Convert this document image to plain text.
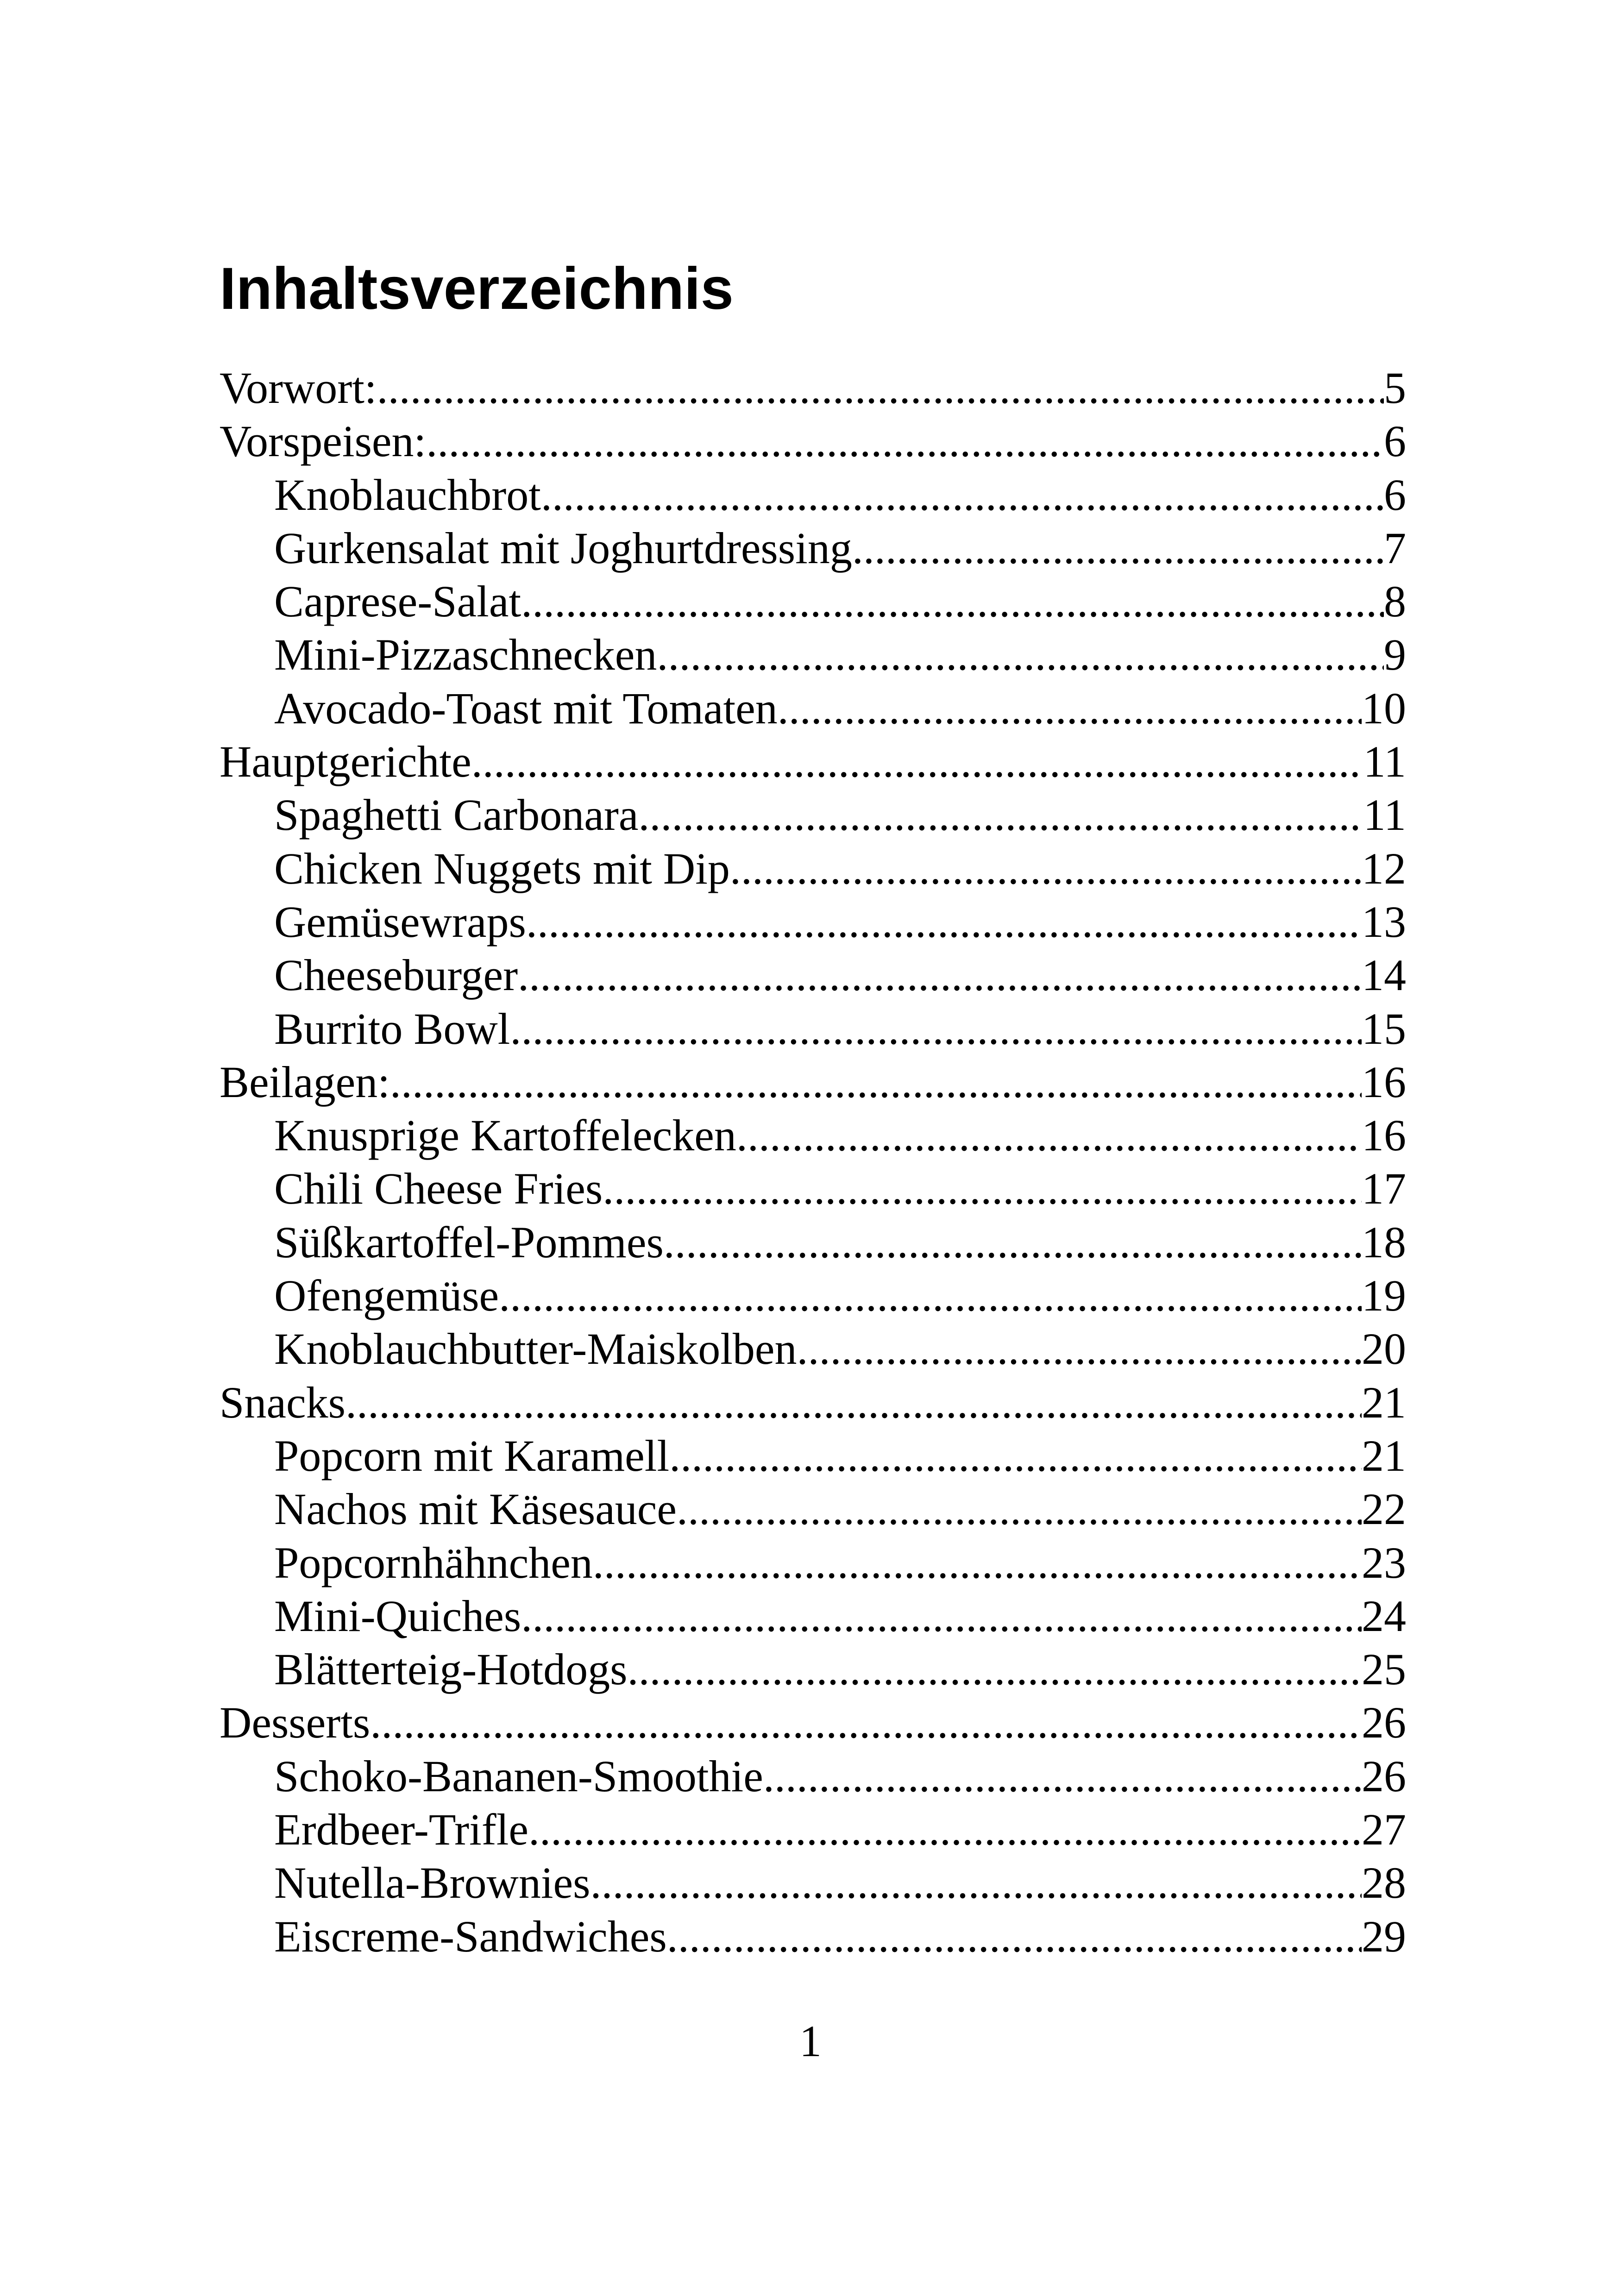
Inhaltsverzeichnis
Vorwort: .....	5
Vorspeisen: .....	6
Knoblauchbrot .....	6
Gurkensalat mit Joghurtdressing .....	7
Caprese-Salat .....	8
Mini-Pizzaschnecken .....	9
Avocado-Toast mit Tomaten .....	10
Hauptgerichte .....	11
Spaghetti Carbonara .....	11
Chicken Nuggets mit Dip .....	12
Gemüsewraps .....	13
Cheeseburger .....	14
Burrito Bowl .....	15
Beilagen: .....	16
Knusprige Kartoffelecken .....	16
Chili Cheese Fries .....	17
Süßkartoffel-Pommes .....	18
Ofengemüse .....	19
Knoblauchbutter-Maiskolben .....	20
Snacks .....	21
Popcorn mit Karamell .....	21
Nachos mit Käsesauce .....	22
Popcornhähnchen .....	23
Mini-Quiches .....	24
Blätterteig-Hotdogs .....	25
Desserts .....	26
Schoko-Bananen-Smoothie .....	26
Erdbeer-Trifle .....	27
Nutella-Brownies .....	28
Eiscreme-Sandwiches .....	29
1
